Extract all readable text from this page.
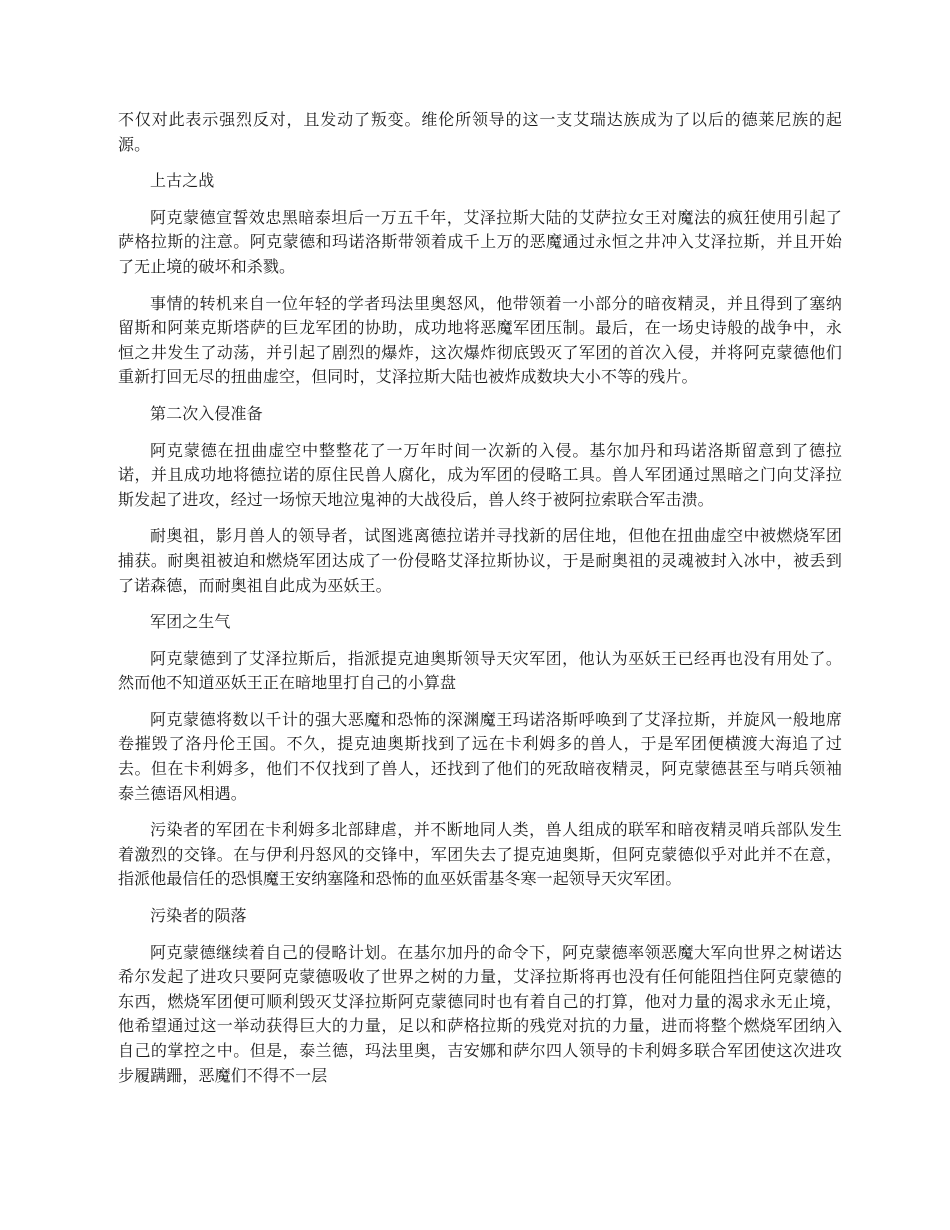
不仅对此表示强烈反对，且发动了叛变。维伦所领导的这一支艾瑞达族成为了以后的德莱尼族的起源。

上古之战

阿克蒙德宣誓效忠黑暗泰坦后一万五千年，艾泽拉斯大陆的艾萨拉女王对魔法的疯狂使用引起了萨格拉斯的注意。阿克蒙德和玛诺洛斯带领着成千上万的恶魔通过永恒之井冲入艾泽拉斯，并且开始了无止境的破坏和杀戮。

事情的转机来自一位年轻的学者玛法里奥怒风，他带领着一小部分的暗夜精灵，并且得到了塞纳留斯和阿莱克斯塔萨的巨龙军团的协助，成功地将恶魔军团压制。最后，在一场史诗般的战争中，永恒之井发生了动荡，并引起了剧烈的爆炸，这次爆炸彻底毁灭了军团的首次入侵，并将阿克蒙德他们重新打回无尽的扭曲虚空，但同时，艾泽拉斯大陆也被炸成数块大小不等的残片。

第二次入侵准备

阿克蒙德在扭曲虚空中整整花了一万年时间一次新的入侵。基尔加丹和玛诺洛斯留意到了德拉诺，并且成功地将德拉诺的原住民兽人腐化，成为军团的侵略工具。兽人军团通过黑暗之门向艾泽拉斯发起了进攻，经过一场惊天地泣鬼神的大战役后，兽人终于被阿拉索联合军击溃。

耐奥祖，影月兽人的领导者，试图逃离德拉诺并寻找新的居住地，但他在扭曲虚空中被燃烧军团捕获。耐奥祖被迫和燃烧军团达成了一份侵略艾泽拉斯协议，于是耐奥祖的灵魂被封入冰中，被丢到了诺森德，而耐奥祖自此成为巫妖王。

军团之生气

阿克蒙德到了艾泽拉斯后，指派提克迪奥斯领导天灾军团，他认为巫妖王已经再也没有用处了。然而他不知道巫妖王正在暗地里打自己的小算盘

阿克蒙德将数以千计的强大恶魔和恐怖的深渊魔王玛诺洛斯呼唤到了艾泽拉斯，并旋风一般地席卷摧毁了洛丹伦王国。不久，提克迪奥斯找到了远在卡利姆多的兽人，于是军团便横渡大海追了过去。但在卡利姆多，他们不仅找到了兽人，还找到了他们的死敌暗夜精灵，阿克蒙德甚至与哨兵领袖泰兰德语风相遇。

污染者的军团在卡利姆多北部肆虐，并不断地同人类，兽人组成的联军和暗夜精灵哨兵部队发生着激烈的交锋。在与伊利丹怒风的交锋中，军团失去了提克迪奥斯，但阿克蒙德似乎对此并不在意，指派他最信任的恐惧魔王安纳塞隆和恐怖的血巫妖雷基冬寒一起领导天灾军团。

污染者的陨落

阿克蒙德继续着自己的侵略计划。在基尔加丹的命令下，阿克蒙德率领恶魔大军向世界之树诺达希尔发起了进攻只要阿克蒙德吸收了世界之树的力量，艾泽拉斯将再也没有任何能阻挡住阿克蒙德的东西，燃烧军团便可顺利毁灭艾泽拉斯阿克蒙德同时也有着自己的打算，他对力量的渴求永无止境，他希望通过这一举动获得巨大的力量，足以和萨格拉斯的残党对抗的力量，进而将整个燃烧军团纳入自己的掌控之中。但是，泰兰德，玛法里奥，吉安娜和萨尔四人领导的卡利姆多联合军团使这次进攻步履蹒跚，恶魔们不得不一层
